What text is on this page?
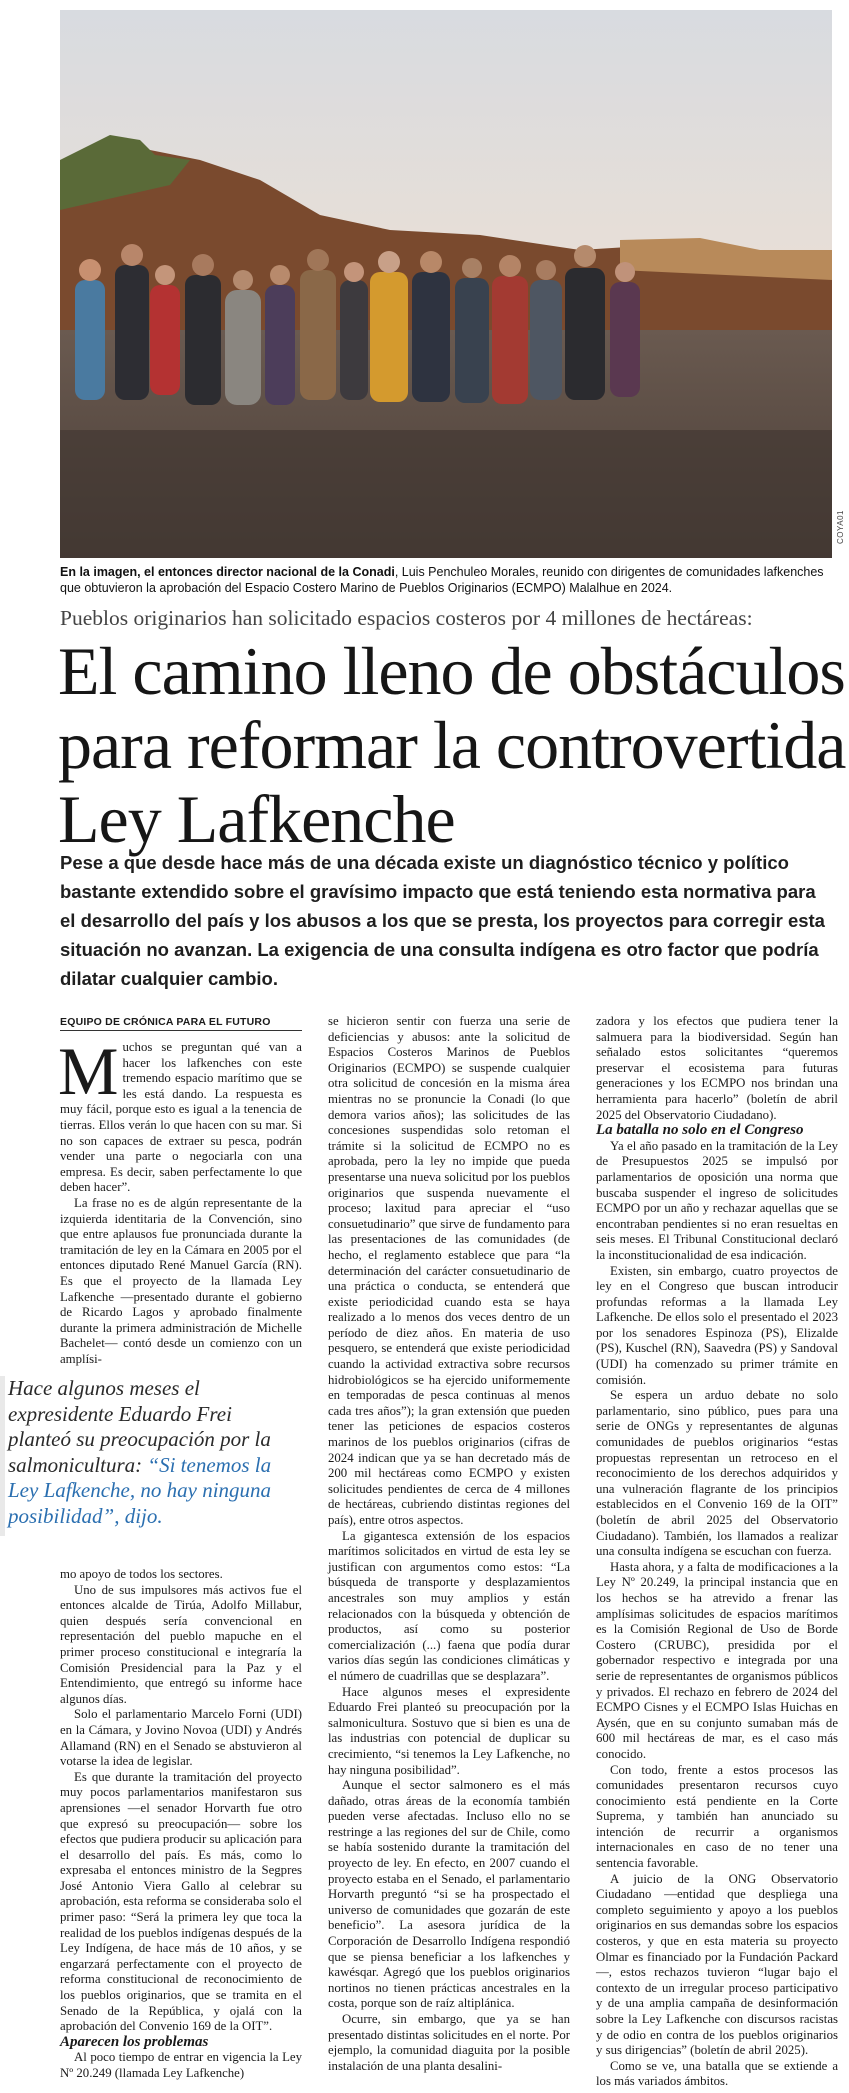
COYA01
En la imagen, el entonces director nacional de la Conadi, Luis Penchuleo Morales, reunido con dirigentes de comunidades lafkenches que obtuvieron la aprobación del Espacio Costero Marino de Pueblos Originarios (ECMPO) Malalhue en 2024.
Pueblos originarios han solicitado espacios costeros por 4 millones de hectáreas:
El camino lleno de obstáculos para reformar la controvertida Ley Lafkenche

Pese a que desde hace más de una década existe un diagnóstico técnico y político bastante extendido sobre el gravísimo impacto que está teniendo esta normativa para el desarrollo del país y los abusos a los que se presta, los proyectos para corregir esta situación no avanzan. La exigencia de una consulta indígena es otro factor que podría dilatar cualquier cambio.

EQUIPO DE CRÓNICA PARA EL FUTURO

Muchos se preguntan qué van a hacer los lafkenches con este tremendo espacio marítimo que se les está dando. La respuesta es muy fácil, porque esto es igual a la tenencia de tierras. Ellos verán lo que hacen con su mar. Si no son capaces de extraer su pesca, podrán vender una parte o negociarla con una empresa. Es decir, saben perfectamente lo que deben hacer”.

La frase no es de algún representante de la izquierda identitaria de la Convención, sino que entre aplausos fue pronunciada durante la tramitación de ley en la Cámara en 2005 por el entonces diputado René Manuel García (RN). Es que el proyecto de la llamada Ley Lafkenche —presentado durante el gobierno de Ricardo Lagos y aprobado finalmente durante la primera administración de Michelle Bachelet— contó desde un comienzo con un amplísi-

Hace algunos meses el expresidente Eduardo Frei planteó su preocupación por la salmonicultura: “Si tenemos la Ley Lafkenche, no hay ninguna posibilidad”, dijo.

mo apoyo de todos los sectores.

Uno de sus impulsores más activos fue el entonces alcalde de Tirúa, Adolfo Millabur, quien después sería convencional en representación del pueblo mapuche en el primer proceso constitucional e integraría la Comisión Presidencial para la Paz y el Entendimiento, que entregó su informe hace algunos días.

Solo el parlamentario Marcelo Forni (UDI) en la Cámara, y Jovino Novoa (UDI) y Andrés Allamand (RN) en el Senado se abstuvieron al votarse la idea de legislar.

Es que durante la tramitación del proyecto muy pocos parlamentarios manifestaron sus aprensiones —el senador Horvarth fue otro que expresó su preocupación— sobre los efectos que pudiera producir su aplicación para el desarrollo del país. Es más, como lo expresaba el entonces ministro de la Segpres José Antonio Viera Gallo al celebrar su aprobación, esta reforma se consideraba solo el primer paso: “Será la primera ley que toca la realidad de los pueblos indígenas después de la Ley Indígena, de hace más de 10 años, y se engarzará perfectamente con el proyecto de reforma constitucional de reconocimiento de los pueblos originarios, que se tramita en el Senado de la República, y ojalá con la aprobación del Convenio 169 de la OIT”.

Aparecen los problemas

Al poco tiempo de entrar en vigencia la Ley Nº 20.249 (llamada Ley Lafkenche)

se hicieron sentir con fuerza una serie de deficiencias y abusos: ante la solicitud de Espacios Costeros Marinos de Pueblos Originarios (ECMPO) se suspende cualquier otra solicitud de concesión en la misma área mientras no se pronuncie la Conadi (lo que demora varios años); las solicitudes de las concesiones suspendidas solo retoman el trámite si la solicitud de ECMPO no es aprobada, pero la ley no impide que pueda presentarse una nueva solicitud por los pueblos originarios que suspenda nuevamente el proceso; laxitud para apreciar el “uso consuetudinario” que sirve de fundamento para las presentaciones de las comunidades (de hecho, el reglamento establece que para “la determinación del carácter consuetudinario de una práctica o conducta, se entenderá que existe periodicidad cuando esta se haya realizado a lo menos dos veces dentro de un período de diez años. En materia de uso pesquero, se entenderá que existe periodicidad cuando la actividad extractiva sobre recursos hidrobiológicos se ha ejercido uniformemente en temporadas de pesca continuas al menos cada tres años”); la gran extensión que pueden tener las peticiones de espacios costeros marinos de los pueblos originarios (cifras de 2024 indican que ya se han decretado más de 200 mil hectáreas como ECMPO y existen solicitudes pendientes de cerca de 4 millones de hectáreas, cubriendo distintas regiones del país), entre otros aspectos.

La gigantesca extensión de los espacios marítimos solicitados en virtud de esta ley se justifican con argumentos como estos: “La búsqueda de transporte y desplazamientos ancestrales son muy amplios y están relacionados con la búsqueda y obtención de productos, así como su posterior comercialización (...) faena que podía durar varios días según las condiciones climáticas y el número de cuadrillas que se desplazara”.

Hace algunos meses el expresidente Eduardo Frei planteó su preocupación por la salmonicultura. Sostuvo que si bien es una de las industrias con potencial de duplicar su crecimiento, “si tenemos la Ley Lafkenche, no hay ninguna posibilidad”.

Aunque el sector salmonero es el más dañado, otras áreas de la economía también pueden verse afectadas. Incluso ello no se restringe a las regiones del sur de Chile, como se había sostenido durante la tramitación del proyecto de ley. En efecto, en 2007 cuando el proyecto estaba en el Senado, el parlamentario Horvarth preguntó “si se ha prospectado el universo de comunidades que gozarán de este beneficio”. La asesora jurídica de la Corporación de Desarrollo Indígena respondió que se piensa beneficiar a los lafkenches y kawésqar. Agregó que los pueblos originarios nortinos no tienen prácticas ancestrales en la costa, porque son de raíz altiplánica.

Ocurre, sin embargo, que ya se han presentado distintas solicitudes en el norte. Por ejemplo, la comunidad diaguita por la posible instalación de una planta desalini-

zadora y los efectos que pudiera tener la salmuera para la biodiversidad. Según han señalado estos solicitantes “queremos preservar el ecosistema para futuras generaciones y los ECMPO nos brindan una herramienta para hacerlo” (boletín de abril 2025 del Observatorio Ciudadano).

La batalla no solo en el Congreso

Ya el año pasado en la tramitación de la Ley de Presupuestos 2025 se impulsó por parlamentarios de oposición una norma que buscaba suspender el ingreso de solicitudes ECMPO por un año y rechazar aquellas que se encontraban pendientes si no eran resueltas en seis meses. El Tribunal Constitucional declaró la inconstitucionalidad de esa indicación.

Existen, sin embargo, cuatro proyectos de ley en el Congreso que buscan introducir profundas reformas a la llamada Ley Lafkenche. De ellos solo el presentado el 2023 por los senadores Espinoza (PS), Elizalde (PS), Kuschel (RN), Saavedra (PS) y Sandoval (UDI) ha comenzado su primer trámite en comisión.

Se espera un arduo debate no solo parlamentario, sino público, pues para una serie de ONGs y representantes de algunas comunidades de pueblos originarios “estas propuestas representan un retroceso en el reconocimiento de los derechos adquiridos y una vulneración flagrante de los principios establecidos en el Convenio 169 de la OIT” (boletín de abril 2025 del Observatorio Ciudadano). También, los llamados a realizar una consulta indígena se escuchan con fuerza.

Hasta ahora, y a falta de modificaciones a la Ley Nº 20.249, la principal instancia que en los hechos se ha atrevido a frenar las amplísimas solicitudes de espacios marítimos es la Comisión Regional de Uso de Borde Costero (CRUBC), presidida por el gobernador respectivo e integrada por una serie de representantes de organismos públicos y privados. El rechazo en febrero de 2024 del ECMPO Cisnes y el ECMPO Islas Huichas en Aysén, que en su conjunto sumaban más de 600 mil hectáreas de mar, es el caso más conocido.

Con todo, frente a estos procesos las comunidades presentaron recursos cuyo conocimiento está pendiente en la Corte Suprema, y también han anunciado su intención de recurrir a organismos internacionales en caso de no tener una sentencia favorable.

A juicio de la ONG Observatorio Ciudadano —entidad que despliega una completo seguimiento y apoyo a los pueblos originarios en sus demandas sobre los espacios costeros, y que en esta materia su proyecto Olmar es financiado por la Fundación Packard—, estos rechazos tuvieron “lugar bajo el contexto de un irregular proceso participativo y de una amplia campaña de desinformación sobre la Ley Lafkenche con discursos racistas y de odio en contra de los pueblos originarios y sus dirigencias” (boletín de abril 2025).

Como se ve, una batalla que se extiende a los más variados ámbitos.
